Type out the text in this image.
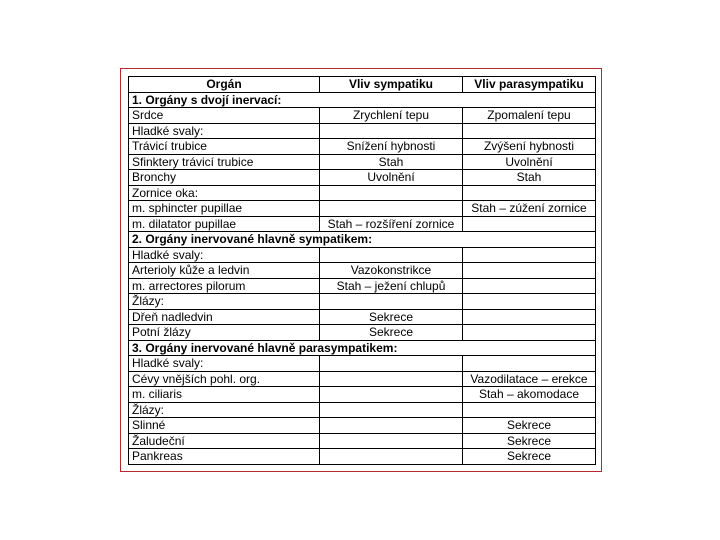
Orgán	Vliv sympatiku	Vliv parasympatiku
1. Orgány s dvojí inervací:		
Srdce	Zrychlení tepu	Zpomalení tepu
Hladké svaly:		
Trávicí trubice	Snížení hybnosti	Zvýšení hybnosti
Sfinktery trávicí trubice	Stah	Uvolnění
Bronchy	Uvolnění	Stah
Zornice oka:		
m. sphincter pupillae		Stah – zúžení zornice
m. dilatator pupillae	Stah – rozšíření zornice	
2. Orgány inervované hlavně sympatikem:		
Hladké svaly:		
Arterioly kůže a ledvin	Vazokonstrikce	
m. arrectores pilorum	Stah – ježení chlupů	
Žlázy:		
Dřeň nadledvin	Sekrece	
Potní žlázy	Sekrece	
3. Orgány inervované hlavně parasympatikem:		
Hladké svaly:		
Cévy vnějších pohl. org.		Vazodilatace – erekce
m. ciliaris		Stah – akomodace
Žlázy:		
Slinné		Sekrece
Žaludeční		Sekrece
Pankreas		Sekrece
